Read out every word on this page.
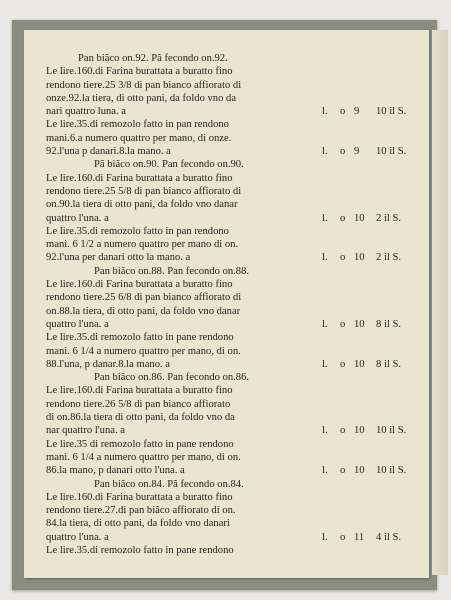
Pan biãco on.92. Pã fecondo on.92.
Le lire.160.di Farina burattata a buratto fino
rendono tiere.25 3/8 di pan bianco affiorato di
onze.92.la tiera, di otto pani, da foldo vno da
nari quattro luna. a	l.	o 9	10 il S.
Le lire.35.di remozolo fatto in pan rendono
mani.6.a numero quattro per mano, di onze.
92.l'una p danari.8.la mano. a	l.	o 9	10 il S.
Pã biãco on.90. Pan fecondo on.90.
Le lire.160.di Farina burattata a buratto fino
rendono tiere.25 5/8 di pan bianco affiorato di
on.90.la tiera di otto pani, da foldo vno danar
quattro l'una. a	l.	o 10	2 il S.
Le lire.35.di remozolo fatto in pan rendono
mani. 6 1/2 a numero quattro per mano di on.
92.l'una per danari otto la mano. a	l.	o 10	2 il S.
Pan biãco on.88. Pan fecondo on.88.
Le lire.160.di Farina burattata a buratto fino
rendono tiere.25 6/8 di pan bianco affiorato di
on.88.la tiera, di otto pani, da foldo vno danar
quattro l'una. a	l.	o 10	8 il S.
Le lire.35.di remozolo fatto in pane rendono
mani. 6 1/4 a numero quattro per mano, di on.
88.l'una, p danar.8.la mano. a	l.	o 10	8 il S.
Pan biãco on.86. Pan fecondo on.86.
Le lire.160.di Farina burattata a buratto fino
rendono tiere.26 5/8 di pan bianco affiorato
di on.86.la tiera di otto pani, da foldo vno da
nar quattro l'una. a	l.	o 10	10 il S.
Le lire.35 di remozolo fatto in pane rendono
mani. 6 1/4 a numero quattro per mano, di on.
86.la mano, p danari otto l'una. a	l.	o 10	10 il S.
Pan biãco on.84. Pã fecondo on.84.
Le lire.160.di Farina burattata a buratto fino
rendono tiere.27.di pan biãco affiorato di on.
84.la tiera, di otto pani, da foldo vno danari
quattro l'una. a	l.	o 11	4 il S.
Le lire.35.di remozolo fatto in pane rendono
